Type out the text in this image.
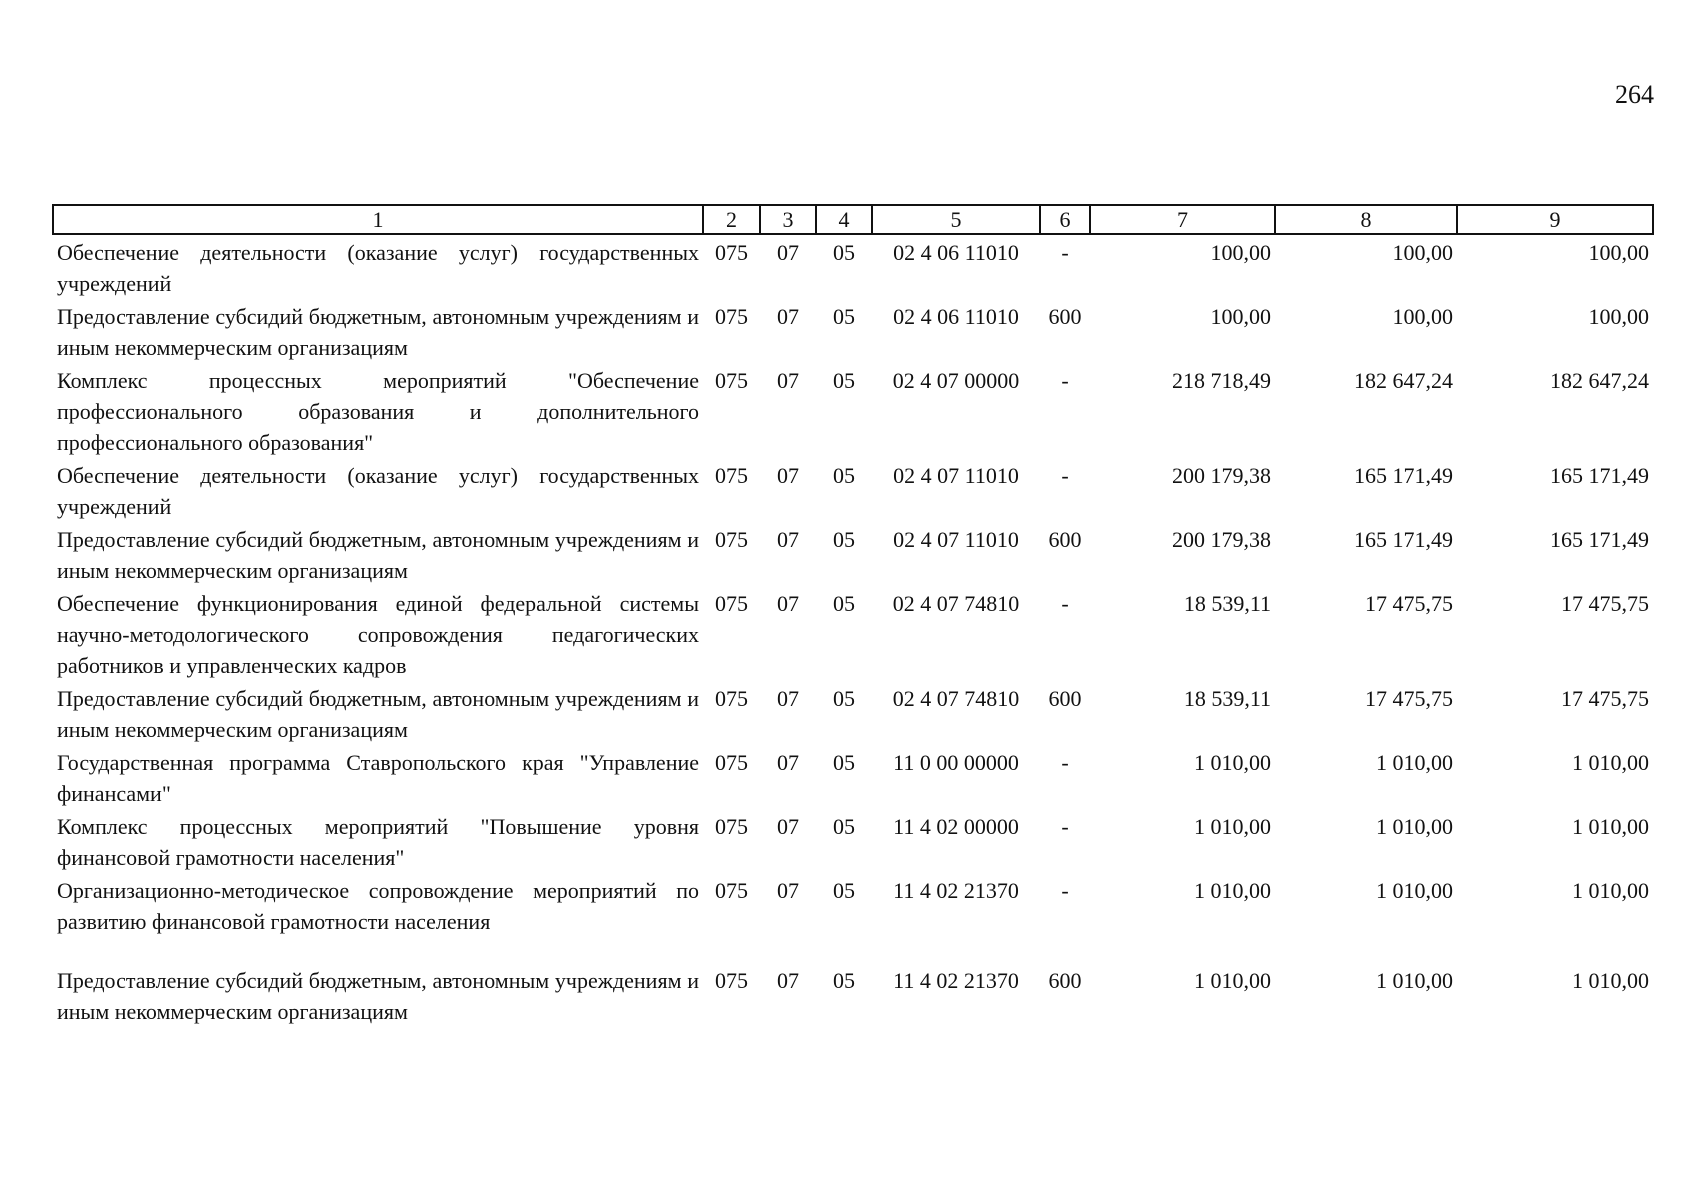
264
1	2	3	4	5	6	7	8	9
Обеспечение деятельности (оказание услуг) государственных учреждений	075	07	05	02 4 06 11010	-	100,00	100,00	100,00
Предоставление субсидий бюджетным, автономным учреждениям и иным некоммерческим организациям	075	07	05	02 4 06 11010	600	100,00	100,00	100,00
Комплекс процессных мероприятий "Обеспечение профессионального образования и дополнительного профессионального образования"	075	07	05	02 4 07 00000	-	218 718,49	182 647,24	182 647,24
Обеспечение деятельности (оказание услуг) государственных учреждений	075	07	05	02 4 07 11010	-	200 179,38	165 171,49	165 171,49
Предоставление субсидий бюджетным, автономным учреждениям и иным некоммерческим организациям	075	07	05	02 4 07 11010	600	200 179,38	165 171,49	165 171,49
Обеспечение функционирования единой федеральной системы научно-методологического сопровождения педагогических работников и управленческих кадров	075	07	05	02 4 07 74810	-	18 539,11	17 475,75	17 475,75
Предоставление субсидий бюджетным, автономным учреждениям и иным некоммерческим организациям	075	07	05	02 4 07 74810	600	18 539,11	17 475,75	17 475,75
Государственная программа Ставропольского края "Управление финансами"	075	07	05	11 0 00 00000	-	1 010,00	1 010,00	1 010,00
Комплекс процессных мероприятий "Повышение уровня финансовой грамотности населения"	075	07	05	11 4 02 00000	-	1 010,00	1 010,00	1 010,00
Организационно-методическое сопровождение мероприятий по развитию финансовой грамотности населения	075	07	05	11 4 02 21370	-	1 010,00	1 010,00	1 010,00
Предоставление субсидий бюджетным, автономным учреждениям и иным некоммерческим организациям	075	07	05	11 4 02 21370	600	1 010,00	1 010,00	1 010,00
